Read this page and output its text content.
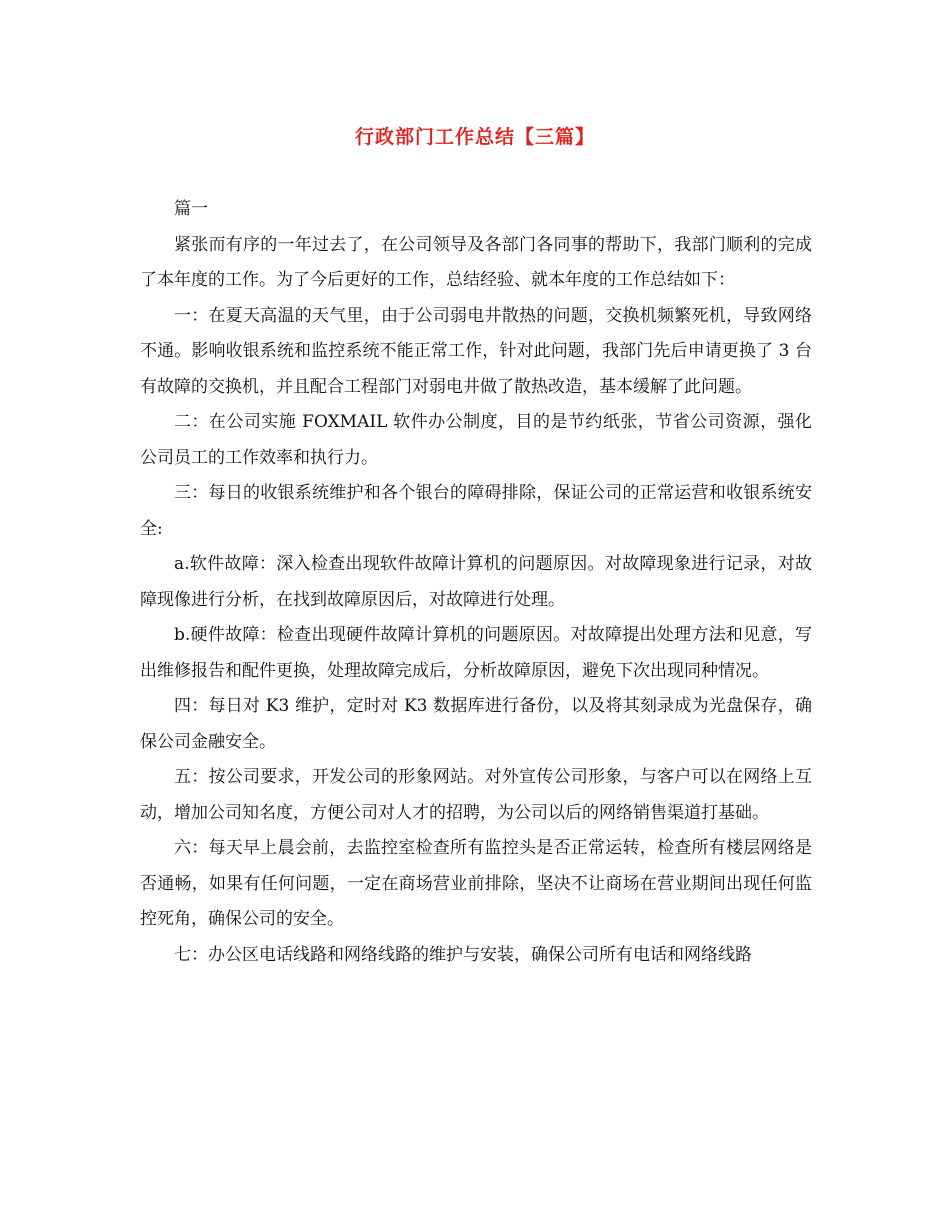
行政部门工作总结【三篇】

篇一

紧张而有序的一年过去了，在公司领导及各部门各同事的帮助下，我部门顺利的完成了本年度的工作。为了今后更好的工作，总结经验、就本年度的工作总结如下：

一：在夏天高温的天气里，由于公司弱电井散热的问题，交换机频繁死机，导致网络不通。影响收银系统和监控系统不能正常工作，针对此问题，我部门先后申请更换了 3 台有故障的交换机，并且配合工程部门对弱电井做了散热改造，基本缓解了此问题。

二：在公司实施 FOXMAIL 软件办公制度，目的是节约纸张，节省公司资源，强化公司员工的工作效率和执行力。

三：每日的收银系统维护和各个银台的障碍排除，保证公司的正常运营和收银系统安全:

a.软件故障：深入检查出现软件故障计算机的问题原因。对故障现象进行记录，对故障现像进行分析，在找到故障原因后，对故障进行处理。

b.硬件故障：检查出现硬件故障计算机的问题原因。对故障提出处理方法和见意，写出维修报告和配件更换，处理故障完成后，分析故障原因，避免下次出现同种情况。

四：每日对 K3 维护，定时对 K3 数据库进行备份，以及将其刻录成为光盘保存，确保公司金融安全。

五：按公司要求，开发公司的形象网站。对外宣传公司形象，与客户可以在网络上互动，增加公司知名度，方便公司对人才的招聘，为公司以后的网络销售渠道打基础。

六：每天早上晨会前，去监控室检查所有监控头是否正常运转，检查所有楼层网络是否通畅，如果有任何问题，一定在商场营业前排除，坚决不让商场在营业期间出现任何监控死角，确保公司的安全。

七：办公区电话线路和网络线路的维护与安装，确保公司所有电话和网络线路
